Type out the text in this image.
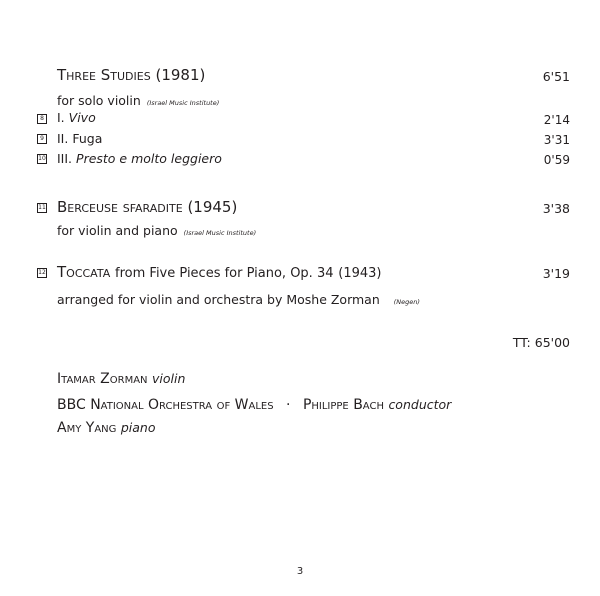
Three Studies (1981)	6'51
for solo violin (Israel Music Institute)
8 I. Vivo	2'14
9 II. Fuga	3'31
10 III. Presto e molto leggiero	0'59
11 Berceuse sfaradite (1945)	3'38
for violin and piano (Israel Music Institute)
12 Toccata from Five Pieces for Piano, Op. 34 (1943)	3'19
arranged for violin and orchestra by Moshe Zorman (Negen)
TT: 65'00
Itamar Zorman violin
BBC National Orchestra of Wales · Philippe Bach conductor
Amy Yang piano
3
